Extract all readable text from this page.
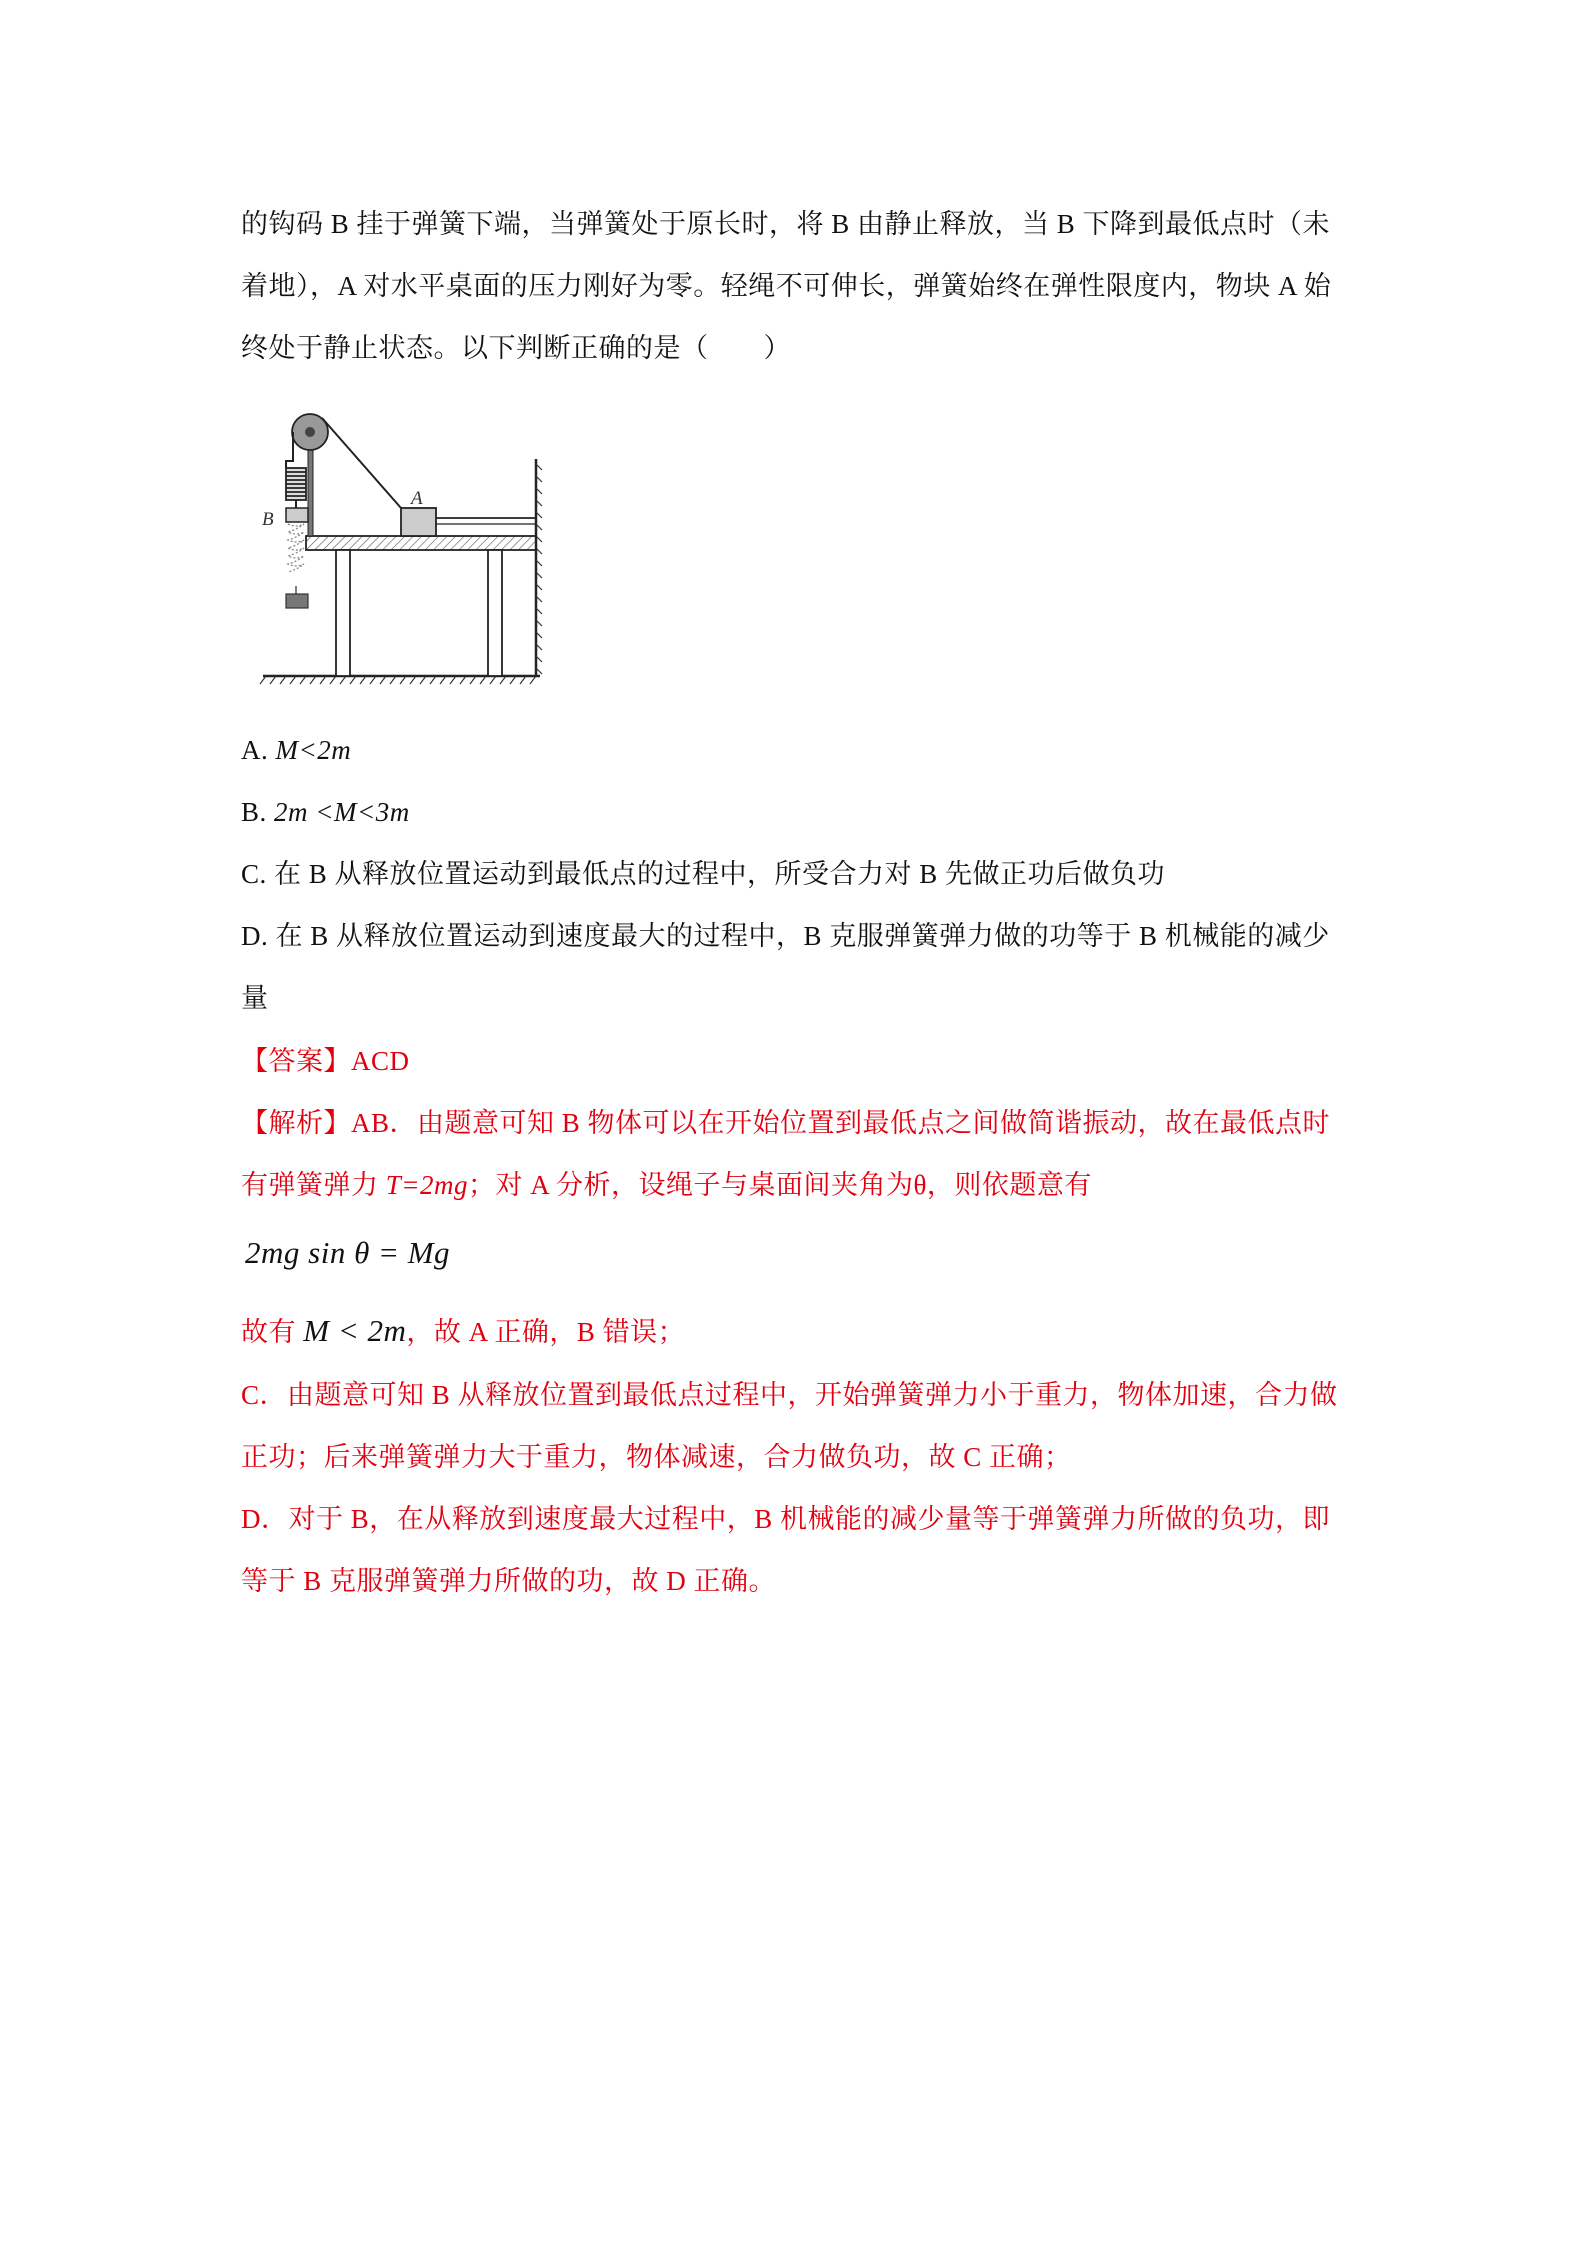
的钩码 B 挂于弹簧下端，当弹簧处于原长时，将 B 由静止释放，当 B 下降到最低点时（未
着地），A 对水平桌面的压力刚好为零。轻绳不可伸长，弹簧始终在弹性限度内，物块 A 始
终处于静止状态。以下判断正确的是（　　）
B
A
A. M<2m
B. 2m <M<3m
C. 在 B 从释放位置运动到最低点的过程中，所受合力对 B 先做正功后做负功
D. 在 B 从释放位置运动到速度最大的过程中，B 克服弹簧弹力做的功等于 B 机械能的减少
量
【答案】ACD
【解析】AB．由题意可知 B 物体可以在开始位置到最低点之间做简谐振动，故在最低点时
有弹簧弹力 T=2mg；对 A 分析，设绳子与桌面间夹角为θ，则依题意有
2mg sin θ = Mg
故有 M < 2m，故 A 正确，B 错误；
C．由题意可知 B 从释放位置到最低点过程中，开始弹簧弹力小于重力，物体加速，合力做
正功；后来弹簧弹力大于重力，物体减速，合力做负功，故 C 正确；
D．对于 B，在从释放到速度最大过程中，B 机械能的减少量等于弹簧弹力所做的负功，即
等于 B 克服弹簧弹力所做的功，故 D 正确。
